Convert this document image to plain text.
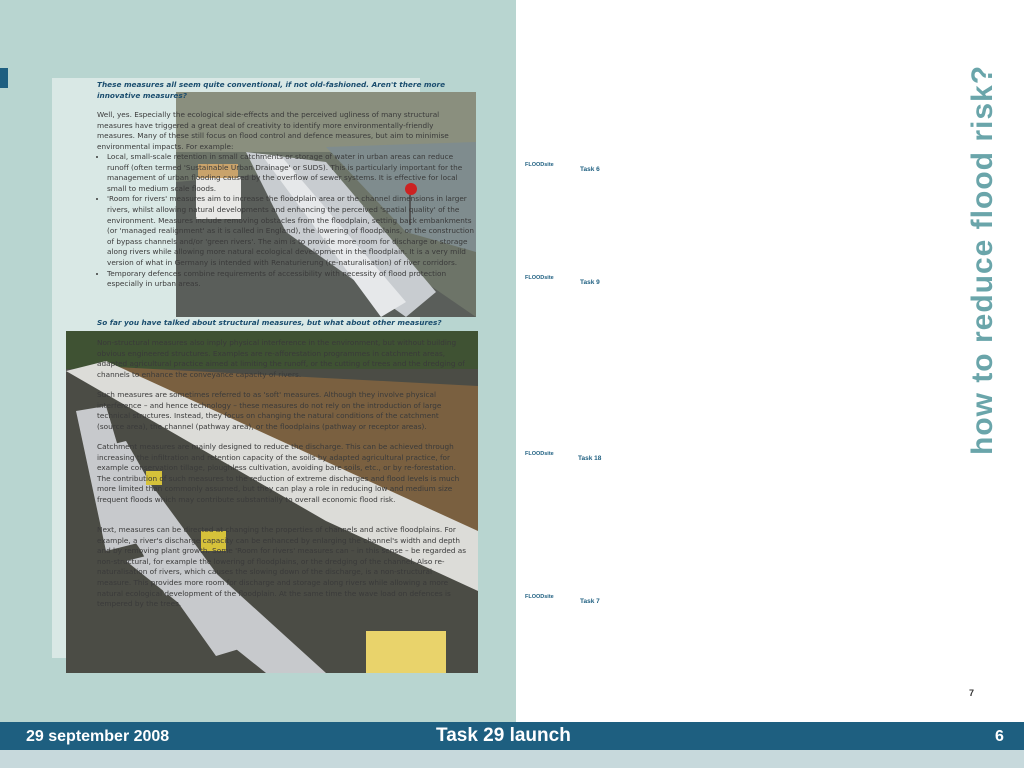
These measures all seem quite conventional, if not old-fashioned. Aren't there more innovative measures?

Well, yes. Especially the ecological side-effects and the perceived ugliness of many structural measures have triggered a great deal of creativity to identify more environmentally-friendly measures. Many of these still focus on flood control and defence measures, but aim to minimise environmental impacts. For example:

• Local, small-scale retention in small catchments or storage of water in urban areas can reduce runoff (often termed 'Sustainable Urban Drainage' or SUDS). This is particularly important for the management of urban flooding caused by the overflow of sewer systems. It is effective for local small to medium scale floods.
• 'Room for rivers' measures aim to increase the floodplain area or the channel dimensions in larger rivers, whilst allowing natural developments and enhancing the perceived 'spatial quality' of the environment. Measures include removing obstacles from the floodplain, setting back embankments (or 'managed realignment' as it is called in England), the lowering of floodplains, or the construction of bypass channels and/or 'green rivers'. The aim is to provide more room for discharge or storage along rivers while allowing more natural ecological development in the floodplain. It is a very mild version of what in Germany is intended with Renaturierung (re-naturalisation) of river corridors.
• Temporary defences combine requirements of accessibility with necessity of flood protection especially in urban areas.

So far you have talked about structural measures, but what about other measures?

Non-structural measures also imply physical interference in the environment, but without building obvious engineered structures. Examples are re-afforestation programmes in catchment areas, adapted agricultural practice aimed at limiting the runoff, or the cutting of trees and the dredging of channels to enhance the conveyance capacity of rivers.

Such measures are sometimes referred to as 'soft' measures. Although they involve physical interference – and hence technology – these measures do not rely on the introduction of large technical structures. Instead, they focus on changing the natural conditions of the catchment (source area), the channel (pathway area), or the floodplains (pathway or receptor areas).

Catchment measures are mainly designed to reduce the discharge. This can be achieved through increasing the infiltration and retention capacity of the soils by adapted agricultural practice, for example conservation tillage, ploughless cultivation, avoiding bare soils, etc., or by re-forestation. The contribution of such measures to the reduction of extreme discharges and flood levels is much more limited than commonly assumed, but they can play a role in reducing low and medium size frequent floods which may contribute substantially to overall economic flood risk.

Next, measures can be directed at changing the properties of channels and active floodplains. For example, a river's discharge capacity can be enhanced by enlarging the channel's width and depth and by removing plant growth. Some 'Room for rivers' measures can – in this sense – be regarded as non-structural, for example the lowering of floodplains, or the dredging of the channel. Also re-naturalisation of rivers, which causes the slowing down of the discharge, is a non-structural measure. This provides more room for discharge and storage along rivers while allowing a more natural ecological development of the floodplain. At the same time the wave load on defences is tempered by the trees.

FLOODsite
Task 6
FLOODsite
Task 9
FLOODsite
Task 18
FLOODsite
Task 7
how to reduce flood risk?
7
29 september 2008	Task 29 launch	6
